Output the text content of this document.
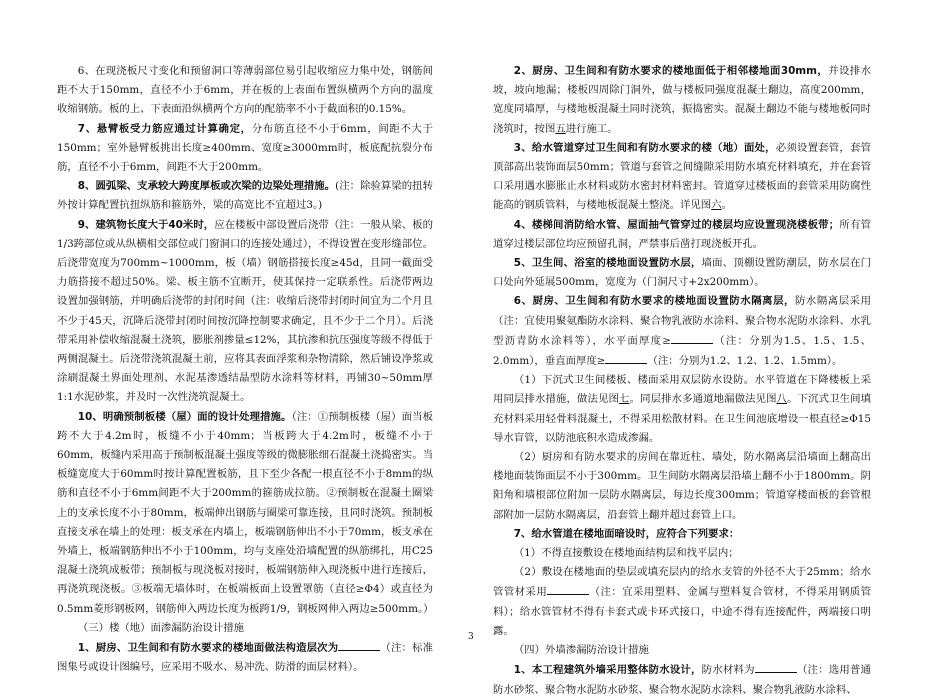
6、在现浇板尺寸变化和预留洞口等薄弱部位易引起收缩应力集中处，钢筋间距不大于150mm，直径不小于6mm，并在板的上表面布置纵横两个方向的温度收缩钢筋。板的上、下表面沿纵横两个方向的配筋率不小于截面积的0.15%。

7、悬臂板受力筋应通过计算确定，分布筋直径不小于6mm，间距不大于150mm；室外悬臂板挑出长度≥400mm、宽度≥3000mm时，板底配抗裂分布筋，直径不小于6mm，间距不大于200mm。

8、圆弧梁、支承较大跨度厚板或次梁的边梁处理措施。(注：除验算梁的扭转外按计算配置抗扭纵筋和箍筋外，梁的高宽比不宜超过3。)

9、建筑物长度大于40米时，应在楼板中部设置后浇带（注：一般从梁、板的1/3跨部位或从纵横相交部位或门窗洞口的连接处通过），不得设置在变形缝部位。后浇带宽度为700mm~1000mm，板（墙）钢筋搭接长度≥45d，且同一截面受力筋搭接不超过50%。梁、板主筋不宜断开，使其保持一定联系性。后浇带两边设置加强钢筋，并明确后浇带的封闭时间（注：收缩后浇带封闭时间宜为二个月且不少于45天，沉降后浇带封闭时间按沉降控制要求确定，且不少于二个月）。后浇带采用补偿收缩混凝土浇筑，膨胀剂掺量≤12%，其抗渗和抗压强度等级不得低于两侧混凝土。后浇带浇筑混凝土前，应将其表面浮浆和杂物清除，然后铺设净浆或涂刷混凝土界面处理剂、水泥基渗透结晶型防水涂料等材料，再铺30~50mm厚1:1水泥砂浆，并及时一次性浇筑混凝土。

10、明确预制板楼（屋）面的设计处理措施。（注：①预制板楼（屋）面当板跨不大于4.2m时，板缝不小于40mm；当板跨大于4.2m时，板缝不小于60mm，板缝内采用高于预制板混凝土强度等级的微膨胀细石混凝土浇捣密实。当板缝宽度大于60mm时按计算配置板筋，且下至少各配一根直径不小于8mm的纵筋和直径不小于6mm间距不大于200mm的箍筋成拉筋。②预制板在混凝土圈梁上的支承长度不小于80mm，板端伸出钢筋与圈梁可靠连接，且同时浇筑。预制板直接支承在墙上的处理：板支承在内墙上，板端钢筋伸出不小于70mm，板支承在外墙上，板端钢筋伸出不小于100mm，均与支座处沿墙配置的纵筋绑扎，用C25混凝土浇筑成板带；预制板与现浇板对接时，板端钢筋伸入现浇板中进行连接后，再浇筑现浇板。③板端无墙体时，在板端板面上设置罩筋（直径≥Φ4）或直径为0.5mm菱形钢板网，钢筋伸入两边长度为板跨1/9，钢板网伸入两边≥500mm。）

（三）楼（地）面渗漏防治设计措施

1、厨房、卫生间和有防水要求的楼地面做法构造层次为	（注：标准图集号或设计图编号，应采用不吸水、易冲洗、防滑的面层材料）。

2、厨房、卫生间和有防水要求的楼地面低于相邻楼地面30mm，并设排水坡，坡向地漏；楼板四周除门洞外，做与楼板同强度混凝土翻边，高度200mm，宽度同墙厚，与楼地板混凝土同时浇筑，振捣密实。混凝土翻边不能与楼地板同时浇筑时，按图五进行施工。

3、给水管道穿过卫生间和有防水要求的楼（地）面处，必须设置套管，套管顶部高出装饰面层50mm；管道与套管之间缝隙采用防水填充材料填充，并在套管口采用遇水膨胀止水材料或防水密封材料密封。管道穿过楼板面的套管采用防腐性能高的钢质管料，与楼地板混凝土整浇。详见图六。

4、楼梯间消防给水管、屋面抽气管穿过的楼层均应设置现浇楼板带；所有管道穿过楼层部位均应预留孔洞，严禁事后凿打现浇板开孔。

5、卫生间、浴室的楼地面设置防水层，墙面、顶棚设置防潮层，防水层在门口处向外延展500mm，宽度为（门洞尺寸+2x200mm）。

6、厨房、卫生间和有防水要求的楼地面设置防水隔离层，防水隔离层采用（注：宜使用聚氨酯防水涂料、聚合物乳液防水涂料、聚合物水泥防水涂料、水乳型沥青防水涂料等），水平面厚度≥	（注：分别为1.5、1.5、1.5、2.0mm），垂直面厚度≥	（注：分别为1.2、1.2、1.2、1.5mm）。

（1）下沉式卫生间楼板、楼面采用双层防水设防。水平管道在下降楼板上采用同层排水措施，做法见图七。同层排水多通道地漏做法见图八。下沉式卫生间填充材料采用轻骨料混凝土，不得采用松散材料。在卫生间池底增设一根直径≥Φ15导水盲管，以防池底积水造成渗漏。

（2）厨房和有防水要求的房间在靠近柱、墙处，防水隔离层沿墙面上翻高出楼地面装饰面层不小于300mm。卫生间防水隔离层沿墙上翻不小于1800mm。阴阳角和墙根部位附加一层防水隔离层，每边长度300mm；管道穿楼面板的套管根部附加一层防水隔离层，沿套管上翻并超过套管上口。

7、给水管道在楼地面暗设时，应符合下列要求：

（1）不得直接敷设在楼地面结构层和找平层内；

（2）敷设在楼地面的垫层或填充层内的给水支管的外径不大于25mm；给水管管材采用	（注：宜采用塑料、金属与塑料复合管材，不得采用钢质管料）；给水管管材不得有卡套式或卡环式接口，中途不得有连接配件，两端接口明露。

（四）外墙渗漏防治设计措施

1、本工程建筑外墙采用整体防水设计，防水材料为	（注：选用普通防水砂浆、聚合物水泥防水砂浆、聚合物水泥防水涂料、聚合物乳液防水涂料、

3
